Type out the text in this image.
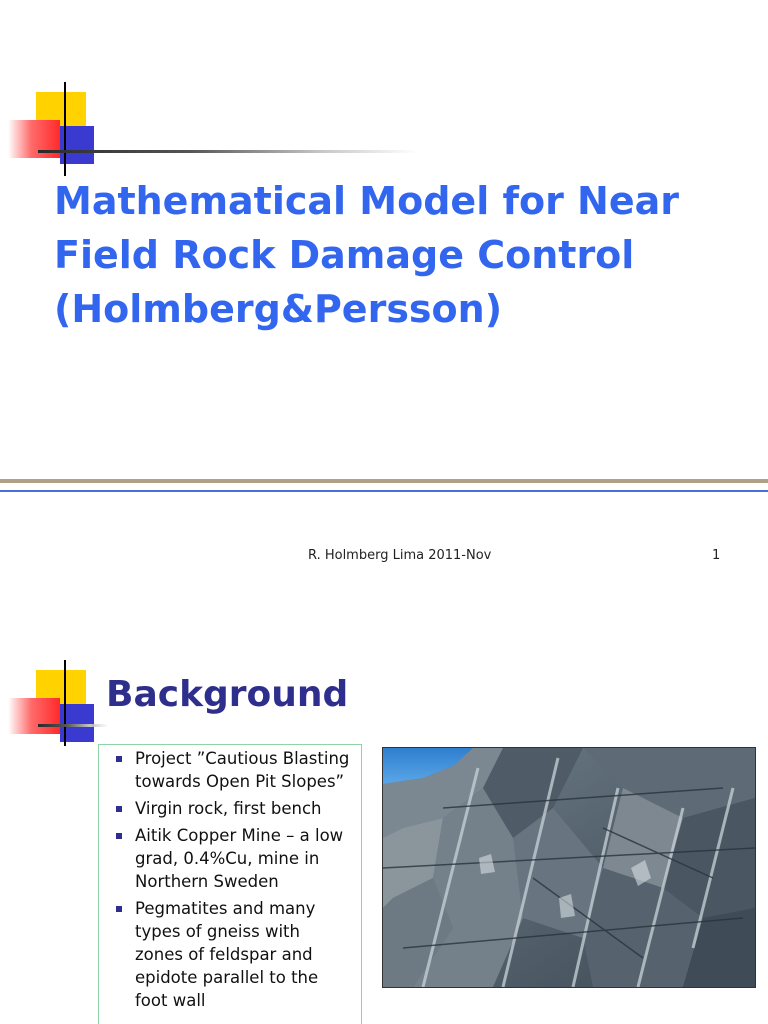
Mathematical Model for Near
Field Rock Damage Control
(Holmberg&Persson)
R. Holmberg Lima 2011-Nov	1
Background
Project ”Cautious Blasting
towards Open Pit Slopes”
Virgin rock, first bench
Aitik Copper Mine – a low
grad, 0.4%Cu, mine in
Northern Sweden
Pegmatites and many
types of gneiss with
zones of feldspar and
epidote parallel to the
foot wall
